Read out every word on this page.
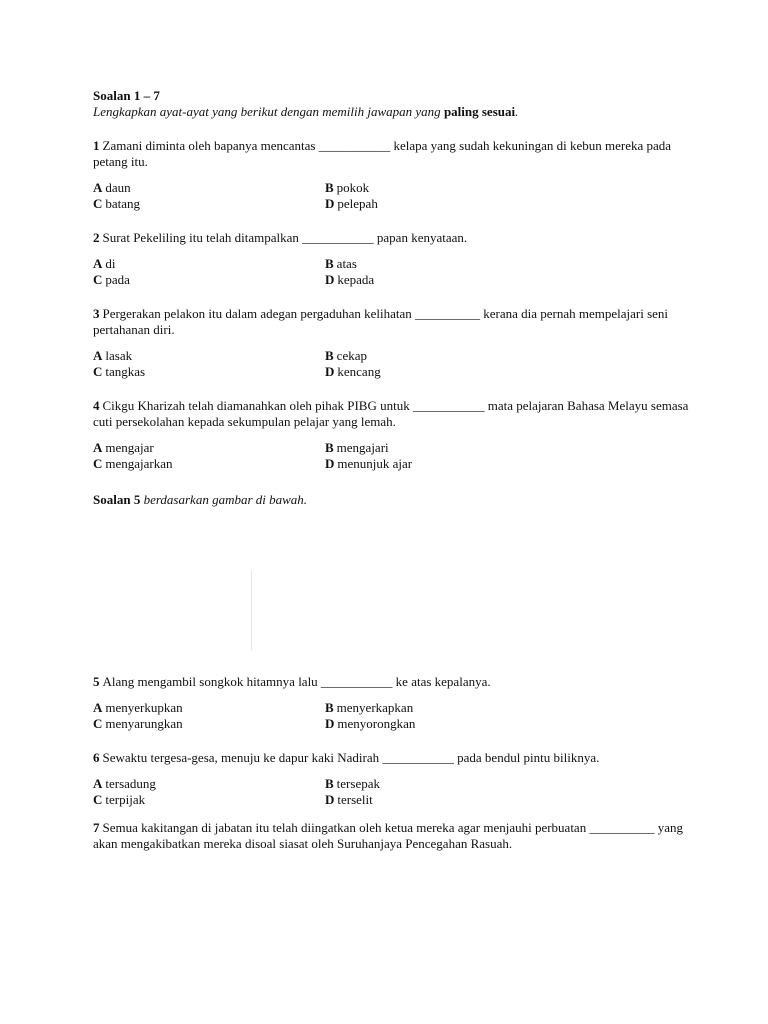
Soalan 1 – 7
Lengkapkan ayat-ayat yang berikut dengan memilih jawapan yang paling sesuai.
1 Zamani diminta oleh bapanya mencantas ___________ kelapa yang sudah kekuningan di kebun mereka pada petang itu.
A daun	B pokok
C batang	D pelepah
2 Surat Pekeliling itu telah ditampalkan ___________ papan kenyataan.
A di	B atas
C pada	D kepada
3 Pergerakan pelakon itu dalam adegan pergaduhan kelihatan __________ kerana dia pernah mempelajari seni pertahanan diri.
A lasak	B cekap
C tangkas	D kencang
4 Cikgu Kharizah telah diamanahkan oleh pihak PIBG untuk ___________ mata pelajaran Bahasa Melayu semasa cuti persekolahan kepada sekumpulan pelajar yang lemah.
A mengajar	B mengajari
C mengajarkan	D menunjuk ajar
Soalan 5 berdasarkan gambar di bawah.
5 Alang mengambil songkok hitamnya lalu ___________ ke atas kepalanya.
A menyerkupkan	B menyerkapkan
C menyarungkan	D menyorongkan
6 Sewaktu tergesa-gesa, menuju ke dapur kaki Nadirah ___________ pada bendul pintu biliknya.
A tersadung	B tersepak
C terpijak	D terselit
7 Semua kakitangan di jabatan itu telah diingatkan oleh ketua mereka agar menjauhi perbuatan __________ yang akan mengakibatkan mereka disoal siasat oleh Suruhanjaya Pencegahan Rasuah.
